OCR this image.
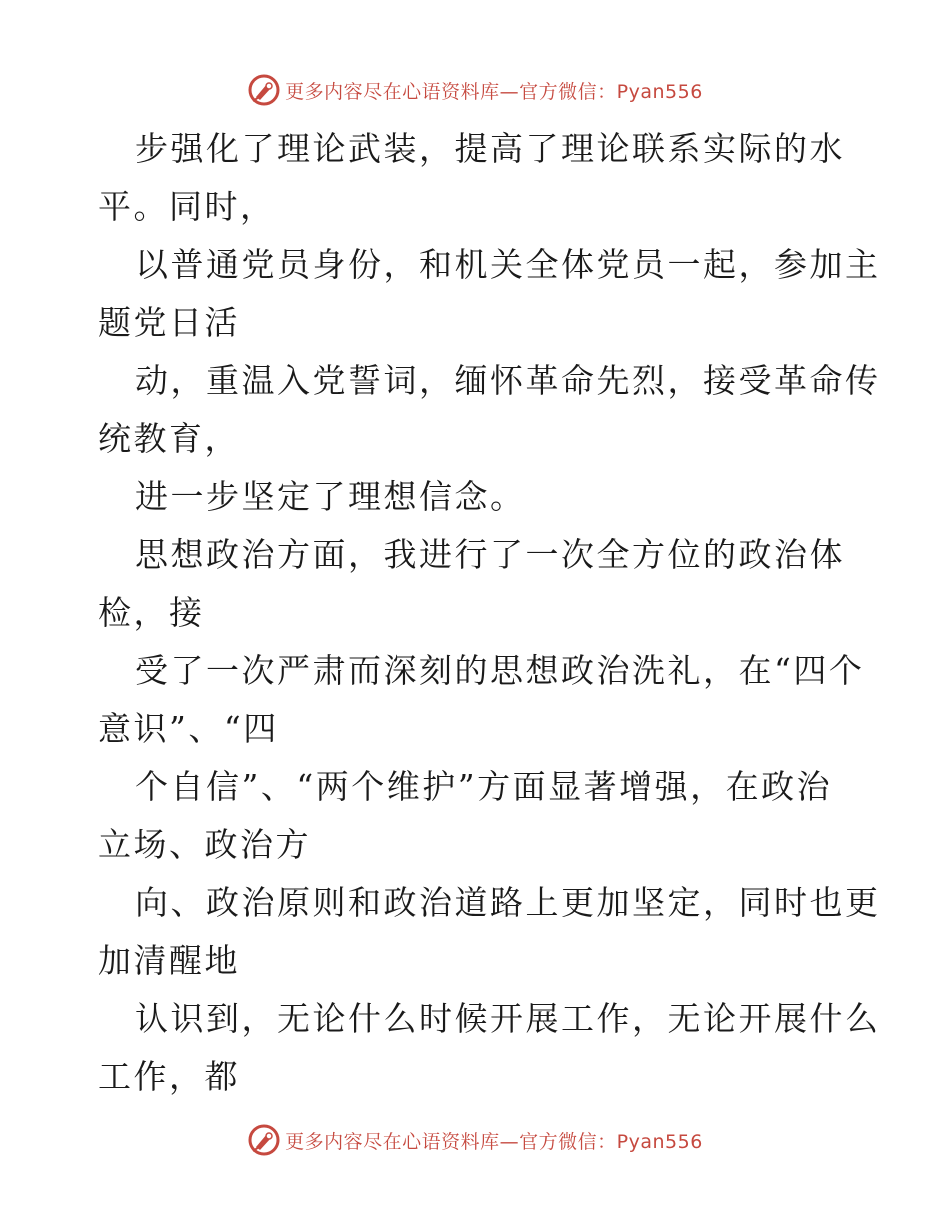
更多内容尽在心语资料库—官方微信：Pyan556
步强化了理论武装，提高了理论联系实际的水
平。同时，
以普通党员身份，和机关全体党员一起，参加主
题党日活
动，重温入党誓词，缅怀革命先烈，接受革命传
统教育，
进一步坚定了理想信念。
思想政治方面，我进行了一次全方位的政治体
检，接
受了一次严肃而深刻的思想政治洗礼，在“四个
意识”、“四
个自信”、“两个维护”方面显著增强，在政治
立场、政治方
向、政治原则和政治道路上更加坚定，同时也更
加清醒地
认识到，无论什么时候开展工作，无论开展什么
工作，都
更多内容尽在心语资料库—官方微信：Pyan556
